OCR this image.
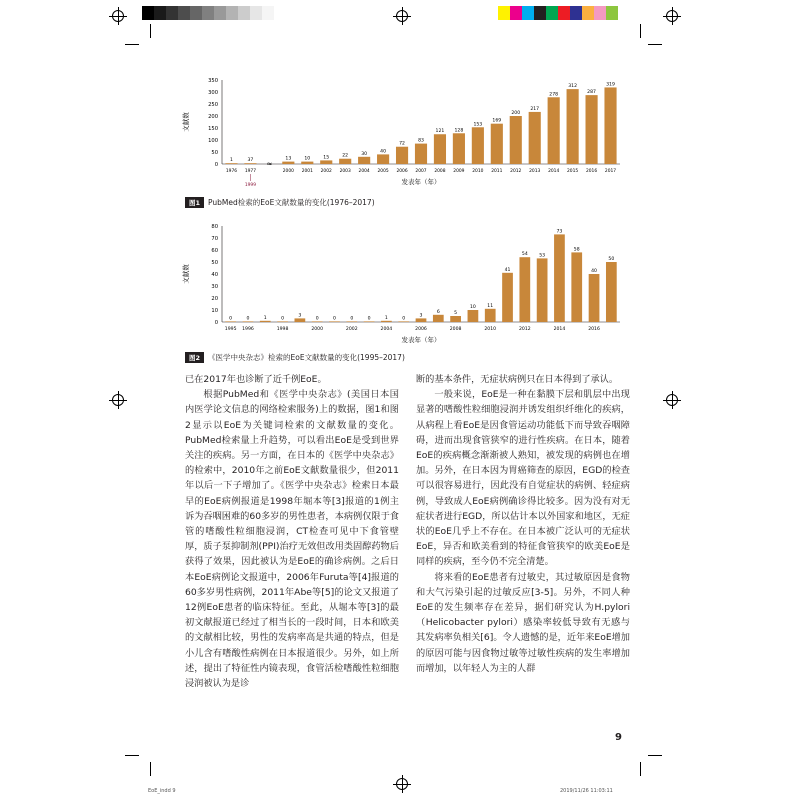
文献数
350
300
250
200
150
100
50
0
1	37 ≈
13	10	15	22	30	40
72
83
121 128
153
169
200
217
278
312
287
319
1976 1977	2000 2001 2002 2003 2004 2005 2006 2007 2008 2009 2010 2011 2012 2013 2014 2015 2016 2017
1999	发表年（年）
图1	PubMed检索的EoE文献数量的变化(1976–2017)
文献数
80
70
60
50
40
30
20
10
0
0	0	1	0
3
0	0	0	0	1	0
3
6	5
10 11
41
54 53
73
58
40
50
1995 1996	1998	2000	2002	2004	2006	2008	2010	2012	2014	2016
发表年（年）
图2	《医学中央杂志》检索的EoE文献数量的变化(1995–2017)

已在2017年也诊断了近千例EoE。

根据PubMed和《医学中央杂志》(美国日本国内医学论文信息的网络检索服务)上的数据，图1和图2显示以EoE为关键词检索的文献数量的变化。PubMed检索量上升趋势，可以看出EoE是受到世界关注的疾病。另一方面，在日本的《医学中央杂志》的检索中，2010年之前EoE文献数量很少，但2011年以后一下子增加了。《医学中央杂志》检索日本最早的EoE病例报道是1998年堀本等[3]报道的1例主诉为吞咽困难的60多岁的男性患者，本病例仅限于食管的嗜酸性粒细胞浸润，CT检查可见中下食管壁厚，质子泵抑制剂(PPI)治疗无效但改用类固醇药物后获得了效果，因此被认为是EoE的确诊病例。之后日本EoE病例论文报道中，2006年Furuta等[4]报道的60多岁男性病例，2011年Abe等[5]的论文又报道了12例EoE患者的临床特征。至此，从堀本等[3]的最初文献报道已经过了相当长的一段时间，日本和欧美的文献相比较，男性的发病率高是共通的特点，但是小儿含有嗜酸性病例在日本报道很少。另外，如上所述，提出了特征性内镜表现，食管活检嗜酸性粒细胞浸润被认为是诊

断的基本条件，无症状病例只在日本得到了承认。

一般来说，EoE是一种在黏膜下层和肌层中出现显著的嗜酸性粒细胞浸润并诱发组织纤维化的疾病，从病程上看EoE是因食管运动功能低下而导致吞咽障碍，进而出现食管狭窄的进行性疾病。在日本，随着EoE的疾病概念渐渐被人熟知，被发现的病例也在增加。另外，在日本因为胃癌筛查的原因，EGD的检查可以很容易进行，因此没有自觉症状的病例、轻症病例，导致成人EoE病例确诊得比较多。因为没有对无症状者进行EGD，所以估计本以外国家和地区，无症状的EoE几乎上不存在。在日本被广泛认可的无症状EoE，异否和欧美看到的特征食管狭窄的欧美EoE是同样的疾病，至今仍不完全清楚。

将来看的EoE患者有过敏史，其过敏原因是食物和大气污染引起的过敏反应[3-5]。另外，不同人种EoE的发生频率存在差异，据们研究认为H.pylori（Helicobacter pylori）感染率较低导致有无感与其发病率负相关[6]。令人遗憾的是，近年来EoE增加的原因可能与因食物过敏等过敏性疾病的发生率增加而增加，以年轻人为主的人群

9
EoE_indd 9	2019/11/26 11:03:11
